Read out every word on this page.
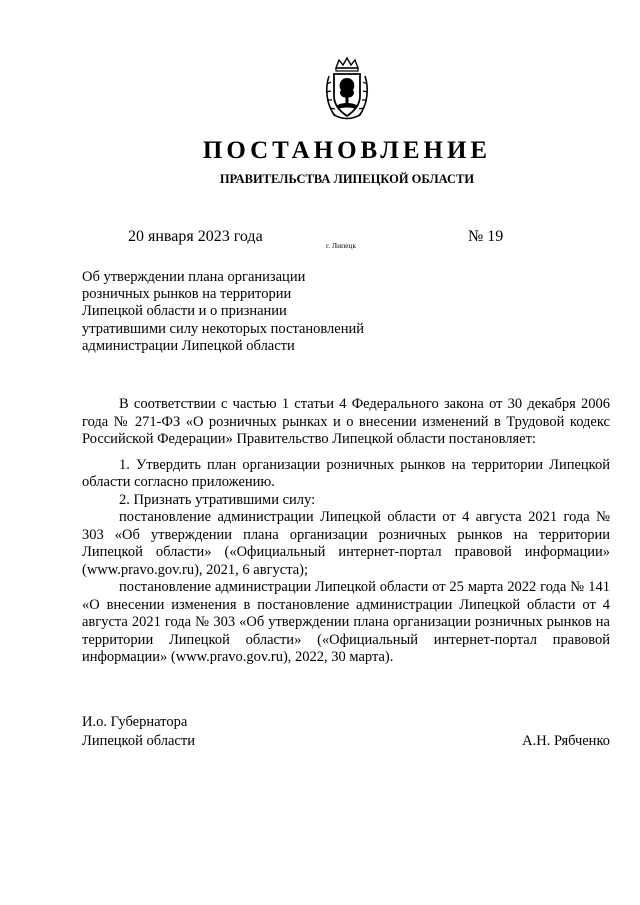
ПОСТАНОВЛЕНИЕ
ПРАВИТЕЛЬСТВА ЛИПЕЦКОЙ ОБЛАСТИ
20 января 2023 года
г. Липецк
№ 19
Об утверждении плана организации
розничных рынков на территории
Липецкой области и о признании
утратившими силу некоторых постановлений
администрации Липецкой области

В соответствии с частью 1 статьи 4 Федерального закона от 30 декабря 2006 года № 271-ФЗ «О розничных рынках и о внесении изменений в Трудовой кодекс Российской Федерации» Правительство Липецкой области постановляет:

1. Утвердить план организации розничных рынков на территории Липецкой области согласно приложению.

2. Признать утратившими силу:

постановление администрации Липецкой области от 4 августа 2021 года № 303 «Об утверждении плана организации розничных рынков на территории Липецкой области» («Официальный интернет-портал правовой информации» (www.pravo.gov.ru), 2021, 6 августа);

постановление администрации Липецкой области от 25 марта 2022 года № 141 «О внесении изменения в постановление администрации Липецкой области от 4 августа 2021 года № 303 «Об утверждении плана организации розничных рынков на территории Липецкой области» («Официальный интернет-портал правовой информации» (www.pravo.gov.ru), 2022, 30 марта).

И.о. Губернатора
Липецкой области	А.Н. Рябченко
